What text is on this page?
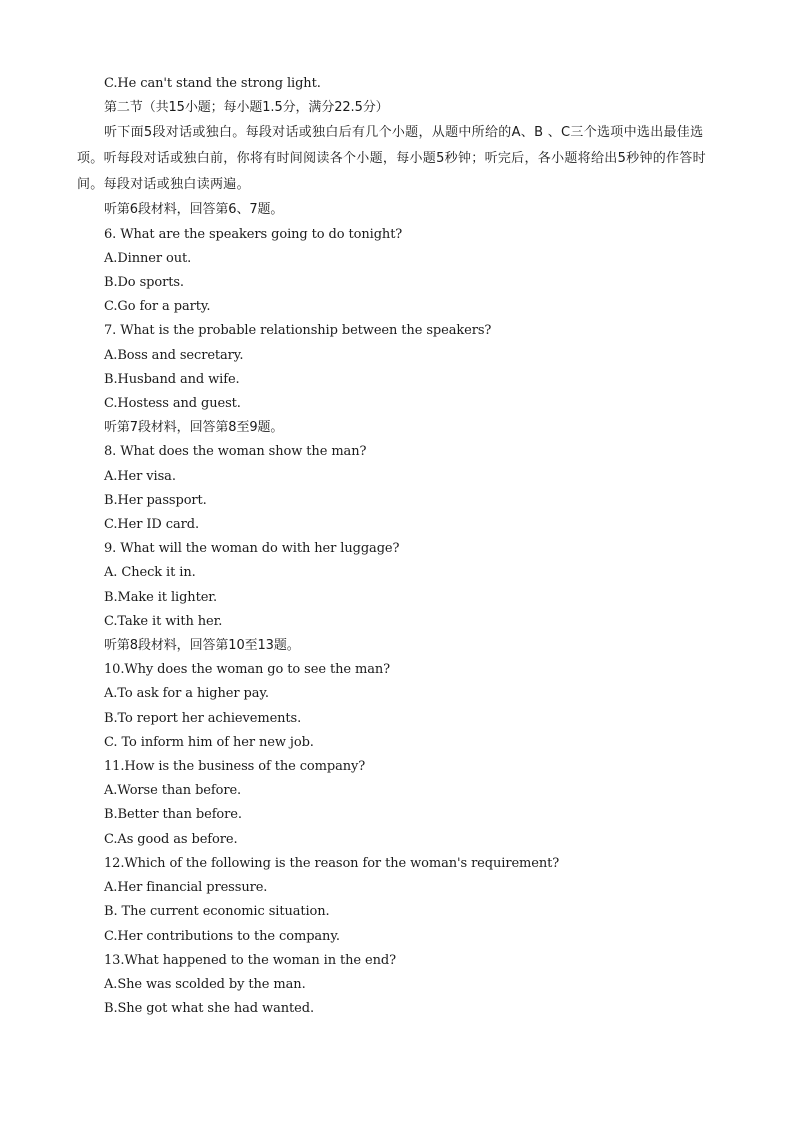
C.He can't stand the strong light.
第二节（共15小题；每小题1.5分，满分22.5分）
听下面5段对话或独白。每段对话或独白后有几个小题，从题中所给的A、B 、C三个选项中选出最佳选项。听每段对话或独白前，你将有时间阅读各个小题，每小题5秒钟；听完后，各小题将给出5秒钟的作答时间。每段对话或独白读两遍。
听第6段材料，回答第6、7题。
6. What are the speakers going to do tonight?
A.Dinner out.
B.Do sports.
C.Go for a party.
7. What is the probable relationship between the speakers?
A.Boss and secretary.
B.Husband and wife.
C.Hostess and guest.
听第7段材料，回答第8至9题。
8. What does the woman show the man?
A.Her visa.
B.Her passport.
C.Her ID card.
9. What will the woman do with her luggage?
A. Check it in.
B.Make it lighter.
C.Take it with her.
听第8段材料，回答第10至13题。
10.Why does the woman go to see the man?
A.To ask for a higher pay.
B.To report her achievements.
C. To inform him of her new job.
11.How is the business of the company?
A.Worse than before.
B.Better than before.
C.As good as before.
12.Which of the following is the reason for the woman's requirement?
A.Her financial pressure.
B. The current economic situation.
C.Her contributions to the company.
13.What happened to the woman in the end?
A.She was scolded by the man.
B.She got what she had wanted.
